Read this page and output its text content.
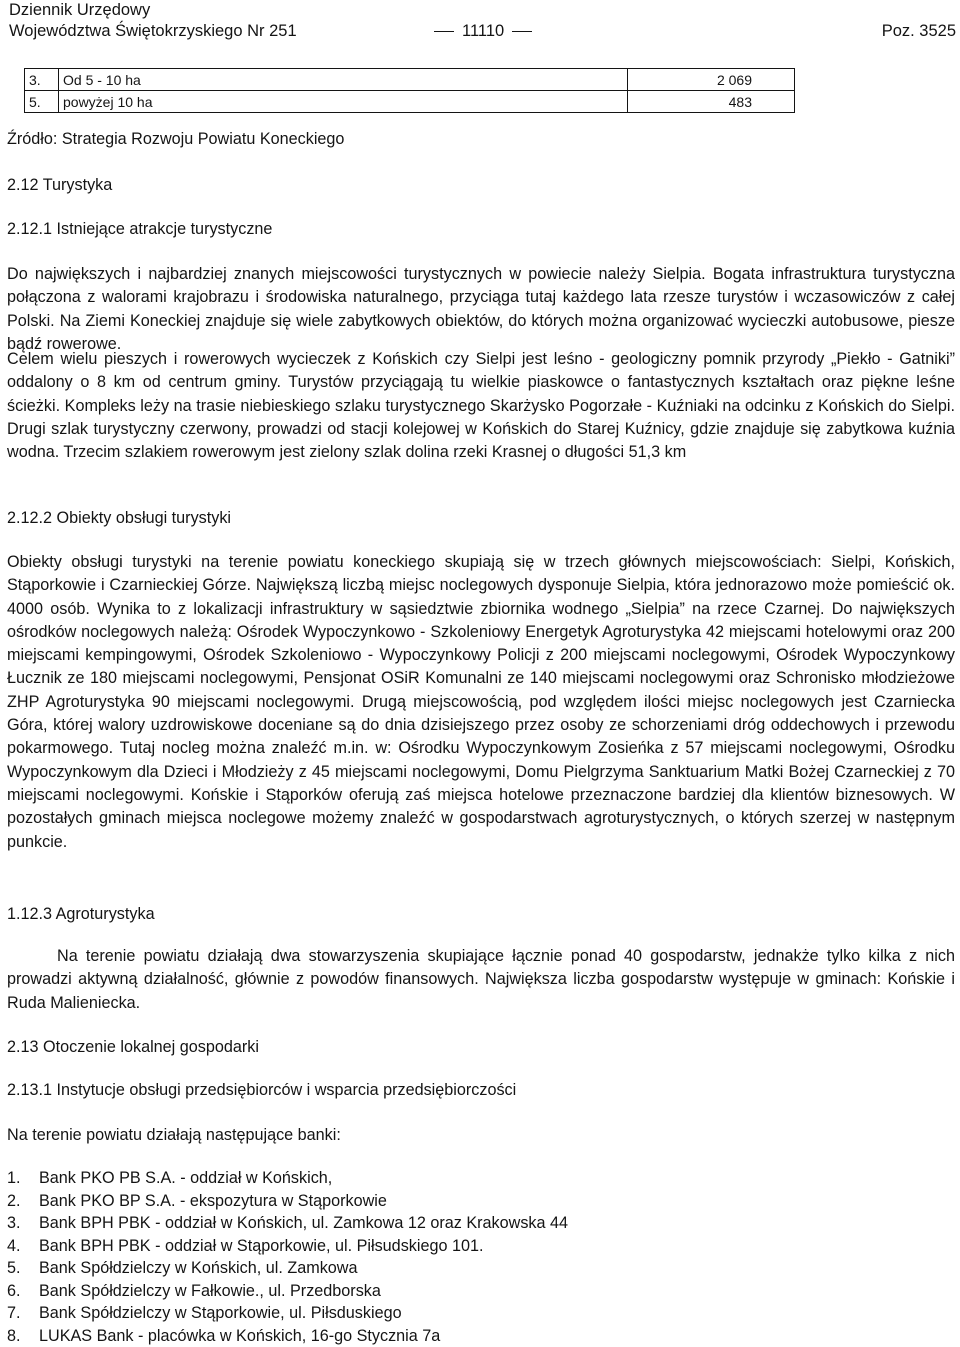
Dziennik Urzędowy
Województwa Świętokrzyskiego Nr 251	11110	Poz. 3525
3.	Od 5 - 10 ha	2 069
5.	powyżej 10 ha	483
Źródło: Strategia Rozwoju Powiatu Koneckiego
2.12 Turystyka
2.12.1 Istniejące atrakcje turystyczne
Do największych i najbardziej znanych miejscowości turystycznych w powiecie należy Sielpia. Bogata infrastruktura turystyczna połączona z walorami krajobrazu i środowiska naturalnego, przyciąga tutaj każdego lata rzesze turystów i wczasowiczów z całej Polski. Na Ziemi Koneckiej znajduje się wiele zabytkowych obiektów, do których można organizować wycieczki autobusowe, piesze bądź rowerowe.
Celem wielu pieszych i rowerowych wycieczek z Końskich czy Sielpi jest leśno - geologiczny pomnik przyrody „Piekło - Gatniki” oddalony o 8 km od centrum gminy. Turystów przyciągają tu wielkie piaskowce o fantastycznych kształtach oraz piękne leśne ścieżki. Kompleks leży na trasie niebieskiego szlaku turystycznego Skarżysko Pogorzałe - Kuźniaki na odcinku z Końskich do Sielpi. Drugi szlak turystyczny czerwony, prowadzi od stacji kolejowej w Końskich do Starej Kuźnicy, gdzie znajduje się zabytkowa kuźnia wodna. Trzecim szlakiem rowerowym jest zielony szlak dolina rzeki Krasnej o długości 51,3 km
2.12.2 Obiekty obsługi turystyki
Obiekty obsługi turystyki na terenie powiatu koneckiego skupiają się w trzech głównych miejscowościach: Sielpi, Końskich, Stąporkowie i Czarnieckiej Górze. Największą liczbą miejsc noclegowych dysponuje Sielpia, która jednorazowo może pomieścić ok. 4000 osób. Wynika to z lokalizacji infrastruktury w sąsiedztwie zbiornika wodnego „Sielpia” na rzece Czarnej. Do największych ośrodków noclegowych należą: Ośrodek Wypoczynkowo - Szkoleniowy Energetyk Agroturystyka 42 miejscami hotelowymi oraz 200 miejscami kempingowymi, Ośrodek Szkoleniowo - Wypoczynkowy Policji z 200 miejscami noclegowymi, Ośrodek Wypoczynkowy Łucznik ze 180 miejscami noclegowymi, Pensjonat OSiR Komunalni ze 140 miejscami noclegowymi oraz Schronisko młodzieżowe ZHP Agroturystyka 90 miejscami noclegowymi. Drugą miejscowością, pod względem ilości miejsc noclegowych jest Czarniecka Góra, której walory uzdrowiskowe doceniane są do dnia dzisiejszego przez osoby ze schorzeniami dróg oddechowych i przewodu pokarmowego. Tutaj nocleg można znaleźć m.in. w: Ośrodku Wypoczynkowym Zosieńka z 57 miejscami noclegowymi, Ośrodku Wypoczynkowym dla Dzieci i Młodzieży z 45 miejscami noclegowymi, Domu Pielgrzyma Sanktuarium Matki Bożej Czarneckiej z 70 miejscami noclegowymi. Końskie i Stąporków oferują zaś miejsca hotelowe przeznaczone bardziej dla klientów biznesowych. W pozostałych gminach miejsca noclegowe możemy znaleźć w gospodarstwach agroturystycznych, o których szerzej w następnym punkcie.
1.12.3 Agroturystyka
Na terenie powiatu działają dwa stowarzyszenia skupiające łącznie ponad 40 gospodarstw, jednakże tylko kilka z nich prowadzi aktywną działalność, głównie z powodów finansowych. Największa liczba gospodarstw występuje w gminach: Końskie i Ruda Malieniecka.
2.13 Otoczenie lokalnej gospodarki
2.13.1 Instytucje obsługi przedsiębiorców i wsparcia przedsiębiorczości
Na terenie powiatu działają następujące banki:
1.	Bank PKO PB S.A. - oddział w Końskich,
2.	Bank PKO BP S.A. - ekspozytura w Stąporkowie
3.	Bank BPH PBK - oddział w Końskich, ul. Zamkowa 12 oraz Krakowska 44
4.	Bank BPH PBK - oddział w Stąporkowie, ul. Piłsudskiego 101.
5.	Bank Spółdzielczy w Końskich, ul. Zamkowa
6.	Bank Spółdzielczy w Fałkowie., ul. Przedborska
7.	Bank Spółdzielczy w Stąporkowie, ul. Piłsduskiego
8.	LUKAS Bank - placówka w Końskich, 16-go Stycznia 7a
